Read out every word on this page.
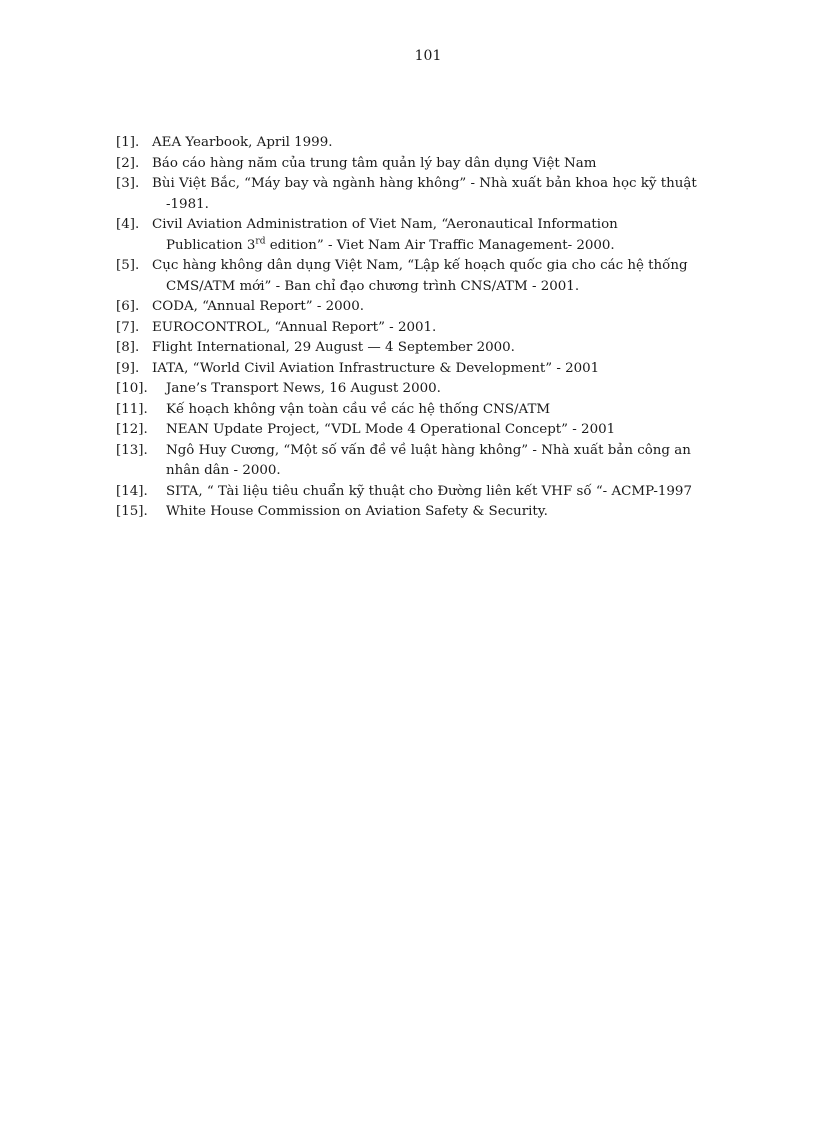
101
[1]. AEA Yearbook, April 1999.
[2]. Báo cáo hàng năm của trung tâm quản lý bay dân dụng Việt Nam
[3]. Bùi Việt Bắc, “Máy bay và ngành hàng không” - Nhà xuất bản khoa học kỹ thuật
-1981.
[4]. Civil Aviation Administration of Viet Nam, “Aeronautical Information
Publication 3rd edition” - Viet Nam Air Traffic Management- 2000.
[5]. Cục hàng không dân dụng Việt Nam, “Lập kế hoạch quốc gia cho các hệ thống
CMS/ATM mới” - Ban chỉ đạo chương trình CNS/ATM - 2001.
[6]. CODA, “Annual Report” - 2000.
[7]. EUROCONTROL, “Annual Report” - 2001.
[8]. Flight International, 29 August — 4 September 2000.
[9]. IATA, “World Civil Aviation Infrastructure & Development” - 2001
[10].	Jane’s Transport News, 16 August 2000.
[11].	Kế hoạch không vận toàn cầu về các hệ thống CNS/ATM
[12].	NEAN Update Project, “VDL Mode 4 Operational Concept” - 2001
[13].	Ngô Huy Cương, “Một số vấn đề về luật hàng không” - Nhà xuất bản công an
nhân dân - 2000.
[14].	SITA, “ Tài liệu tiêu chuẩn kỹ thuật cho Đường liên kết VHF số “- ACMP-1997
[15].	White House Commission on Aviation Safety & Security.
